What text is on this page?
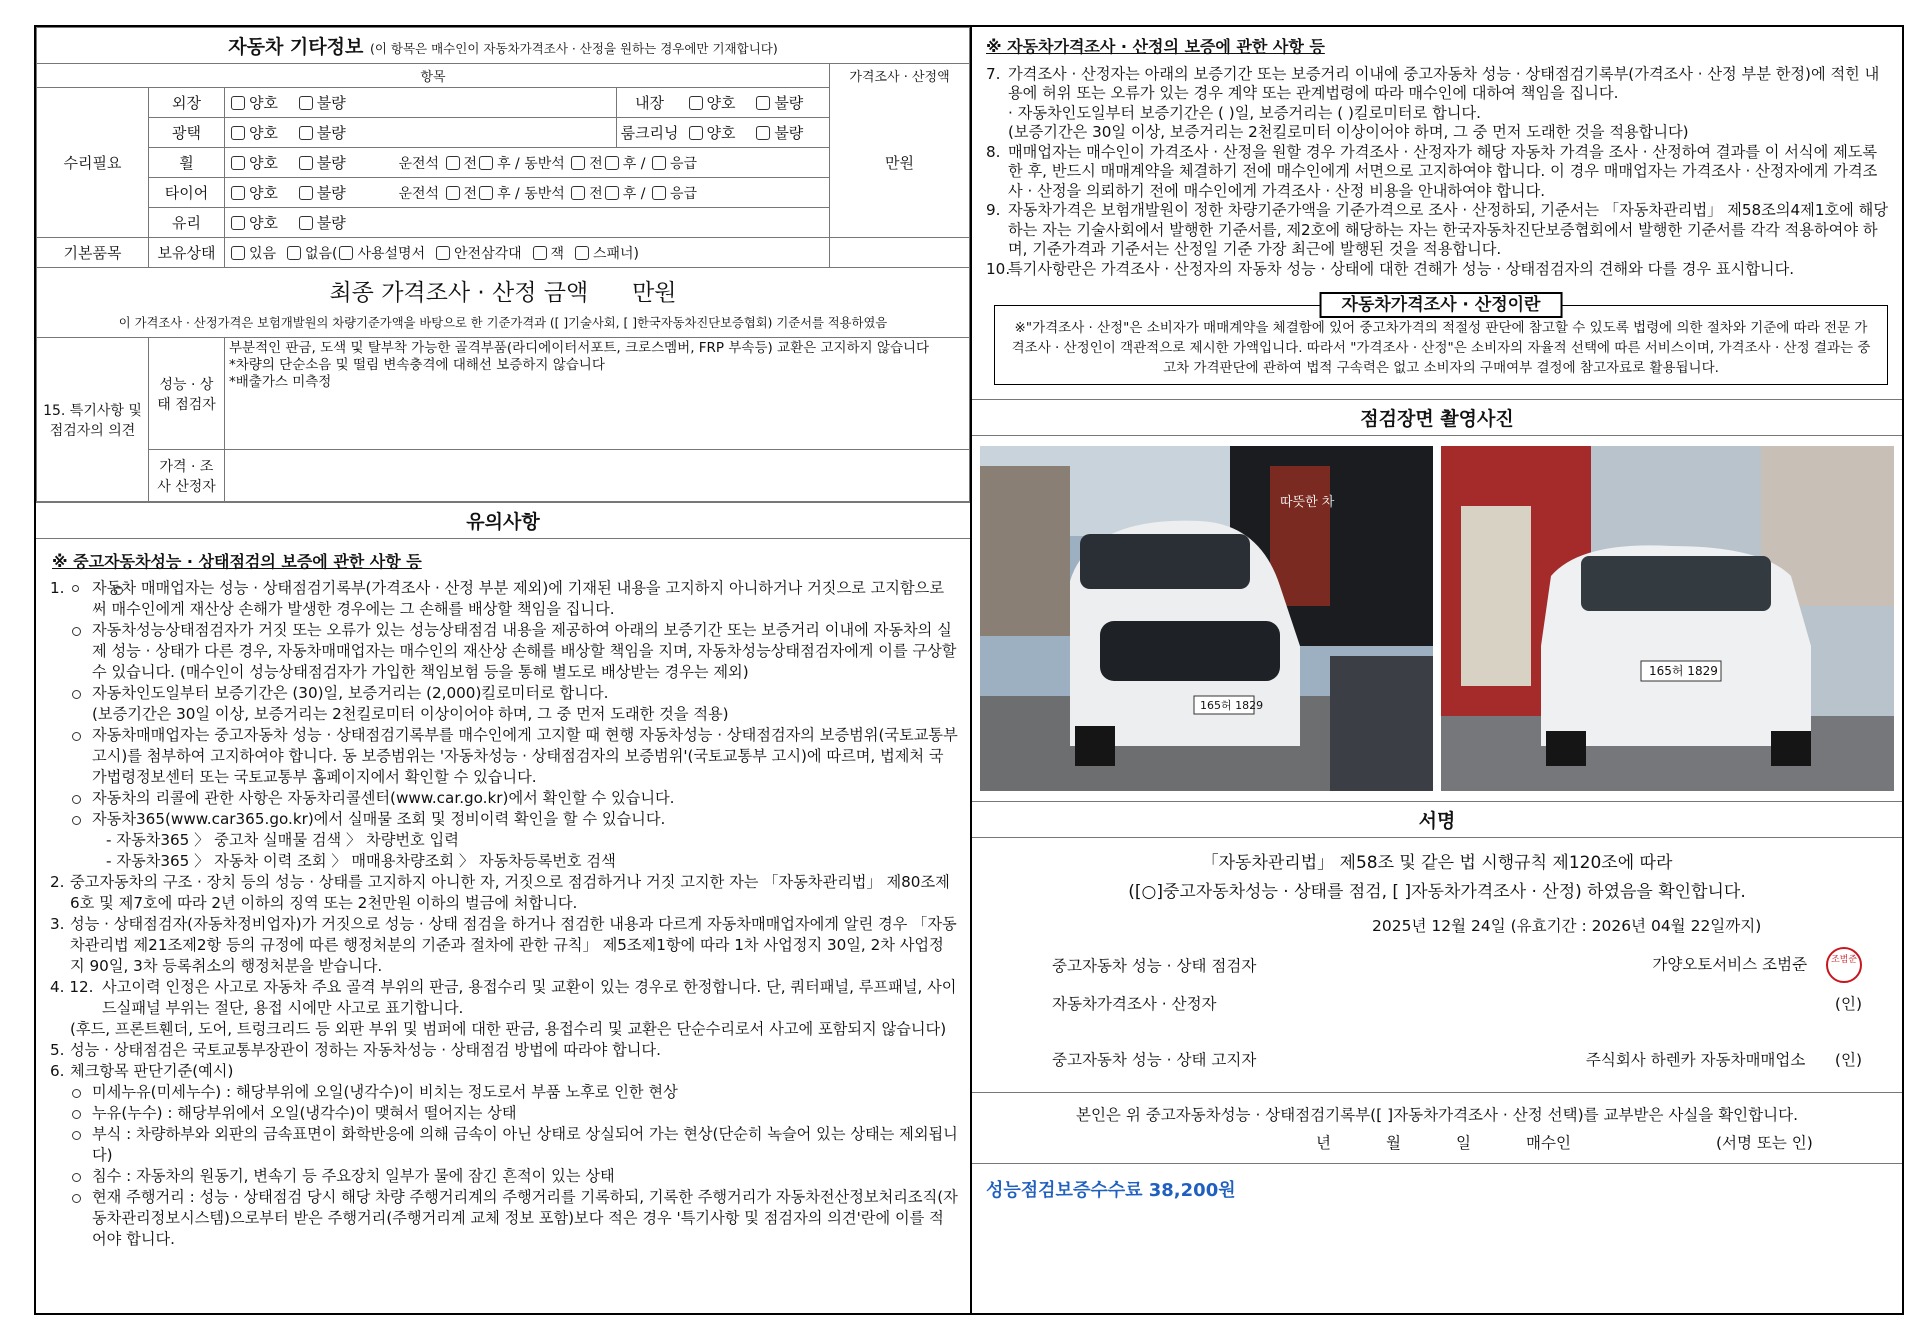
자동차 기타정보 (이 항목은 매수인이 자동차가격조사 · 산정을 원하는 경우에만 기재합니다)						
항목						가격조사 · 산정액
수리필요	외장	양호 불량		내장	양호 불량	만원
	광택	양호 불량		룸크리닝	양호 불량	
	휠	양호 불량	운전석 전 후 / 동반석 전 후 / 응급			
	타이어	양호 불량	운전석 전 후 / 동반석 전 후 / 응급			
	유리	양호 불량				
기본품목	보유상태	있음 없음( 사용설명서 안전삼각대 잭 스패너)				

최종 가격조사 · 산정 금액 만원
이 가격조사 · 산정가격은 보험개발원의 차량기준가액을 바탕으로 한 기준가격과 ([ ]기술사회, [ ]한국자동차진단보증협회) 기준서를 적용하였음						

15. 특기사항 및 점검자의 의견	성능 · 상태 점검자	부분적인 판금, 도색 및 탈부착 가능한 골격부품(라디에이터서포트, 크로스멤버, FRP 부속등) 교환은 고지하지 않습니다
*차량의 단순소음 및 떨림 변속충격에 대해선 보증하지 않습니다
*배출가스 미측정				

	가격 · 조사 산정자					
유의사항
※ 중고자동차성능 · 상태점검의 보증에 관한 사항 등
1. 자동차 매매업자는 성능 · 상태점검기록부(가격조사 · 산정 부분 제외)에 기재된 내용을 고지하지 아니하거나 거짓으로 고지함으로써 매수인에게 재산상 손해가 발생한 경우에는 그 손해를 배상할 책임을 집니다.
자동차성능상태점검자가 거짓 또는 오류가 있는 성능상태점검 내용을 제공하여 아래의 보증기간 또는 보증거리 이내에 자동차의 실제 성능 · 상태가 다른 경우, 자동차매매업자는 매수인의 재산상 손해를 배상할 책임을 지며, 자동차성능상태점검자에게 이를 구상할 수 있습니다. (매수인이 성능상태점검자가 가입한 책임보험 등을 통해 별도로 배상받는 경우는 제외)
자동차인도일부터 보증기간은 (30)일, 보증거리는 (2,000)킬로미터로 합니다.
(보증기간은 30일 이상, 보증거리는 2천킬로미터 이상이어야 하며, 그 중 먼저 도래한 것을 적용)
자동차매매업자는 중고자동차 성능 · 상태점검기록부를 매수인에게 고지할 때 현행 자동차성능 · 상태점검자의 보증범위(국토교통부 고시)를 첨부하여 고지하여야 합니다. 동 보증범위는 '자동차성능 · 상태점검자의 보증범위'(국토교통부 고시)에 따르며, 법제처 국가법령정보센터 또는 국토교통부 홈페이지에서 확인할 수 있습니다.
자동차의 리콜에 관한 사항은 자동차리콜센터(www.car.go.kr)에서 확인할 수 있습니다.
자동차365(www.car365.go.kr)에서 실매물 조회 및 정비이력 확인을 할 수 있습니다.
- 자동차365 〉 중고차 실매물 검색 〉 차량번호 입력
- 자동차365 〉 자동차 이력 조회 〉 매매용차량조회 〉 자동차등록번호 검색
2. 중고자동차의 구조 · 장치 등의 성능 · 상태를 고지하지 아니한 자, 거짓으로 점검하거나 거짓 고지한 자는 「자동차관리법」 제80조제6호 및 제7호에 따라 2년 이하의 징역 또는 2천만원 이하의 벌금에 처합니다.
3. 성능 · 상태점검자(자동차정비업자)가 거짓으로 성능 · 상태 점검을 하거나 점검한 내용과 다르게 자동차매매업자에게 알린 경우 「자동차관리법 제21조제2항 등의 규정에 따른 행정처분의 기준과 절차에 관한 규칙」 제5조제1항에 따라 1차 사업정지 30일, 2차 사업정지 90일, 3차 등록취소의 행정처분을 받습니다.
4. 12. 사고이력 인정은 사고로 자동차 주요 골격 부위의 판금, 용접수리 및 교환이 있는 경우로 한정합니다. 단, 쿼터패널, 루프패널, 사이드실패널 부위는 절단, 용접 시에만 사고로 표기합니다.
(후드, 프론트휀더, 도어, 트렁크리드 등 외판 부위 및 범퍼에 대한 판금, 용접수리 및 교환은 단순수리로서 사고에 포함되지 않습니다)
5. 성능 · 상태점검은 국토교통부장관이 정하는 자동차성능 · 상태점검 방법에 따라야 합니다.
6. 체크항목 판단기준(예시)
미세누유(미세누수) : 해당부위에 오일(냉각수)이 비치는 정도로서 부품 노후로 인한 현상
누유(누수) : 해당부위에서 오일(냉각수)이 맺혀서 떨어지는 상태
부식 : 차량하부와 외판의 금속표면이 화학반응에 의해 금속이 아닌 상태로 상실되어 가는 현상(단순히 녹슬어 있는 상태는 제외됩니다)
침수 : 자동차의 원동기, 변속기 등 주요장치 일부가 물에 잠긴 흔적이 있는 상태
현재 주행거리 : 성능 · 상태점검 당시 해당 차량 주행거리계의 주행거리를 기록하되, 기록한 주행거리가 자동차전산정보처리조직(자동차관리정보시스템)으로부터 받은 주행거리(주행거리계 교체 정보 포함)보다 적은 경우 '특기사항 및 점검자의 의견'란에 이를 적어야 합니다.
※ 자동차가격조사 · 산정의 보증에 관한 사항 등
7. 가격조사 · 산정자는 아래의 보증기간 또는 보증거리 이내에 중고자동차 성능 · 상태점검기록부(가격조사 · 산정 부분 한정)에 적힌 내용에 허위 또는 오류가 있는 경우 계약 또는 관계법령에 따라 매수인에 대하여 책임을 집니다.
· 자동차인도일부터 보증기간은 ( )일, 보증거리는 ( )킬로미터로 합니다.
(보증기간은 30일 이상, 보증거리는 2천킬로미터 이상이어야 하며, 그 중 먼저 도래한 것을 적용합니다)
8. 매매업자는 매수인이 가격조사 · 산정을 원할 경우 가격조사 · 산정자가 해당 자동차 가격을 조사 · 산정하여 결과를 이 서식에 제도록 한 후, 반드시 매매계약을 체결하기 전에 매수인에게 서면으로 고지하여야 합니다. 이 경우 매매업자는 가격조사 · 산정자에게 가격조사 · 산정을 의뢰하기 전에 매수인에게 가격조사 · 산정 비용을 안내하여야 합니다.
9. 자동차가격은 보험개발원이 정한 차량기준가액을 기준가격으로 조사 · 산정하되, 기준서는 「자동차관리법」 제58조의4제1호에 해당하는 자는 기술사회에서 발행한 기준서를, 제2호에 해당하는 자는 한국자동차진단보증협회에서 발행한 기준서를 각각 적용하여야 하며, 기준가격과 기준서는 산정일 기준 가장 최근에 발행된 것을 적용합니다.
10.
특기사항란은 가격조사 · 산정자의 자동차 성능 · 상태에 대한 견해가 성능 · 상태점검자의 견해와 다를 경우 표시합니다.
자동차가격조사 · 산정이란
※"가격조사 · 산정"은 소비자가 매매계약을 체결함에 있어 중고차가격의 적절성 판단에 참고할 수 있도록 법령에 의한 절차와 기준에 따라 전문 가격조사 · 산정인이 객관적으로 제시한 가액입니다. 따라서 "가격조사 · 산정"은 소비자의 자율적 선택에 따른 서비스이며, 가격조사 · 산정 결과는 중고차 가격판단에 관하여 법적 구속력은 없고 소비자의 구매여부 결정에 참고자료로 활용됩니다.
점검장면 촬영사진
따뜻한 차
165허 1829
165허 1829
서명
「자동차관리법」 제58조 및 같은 법 시행규칙 제120조에 따라
([○]중고자동차성능 · 상태를 점검, [ ]자동차가격조사 · 산정) 하였음을 확인합니다.
2025년 12월 24일 (유효기간 : 2026년 04월 22일까지)
중고자동차 성능 · 상태 점검자	가양오토서비스 조범준	조범준
자동차가격조사 · 산정자	(인)
중고자동차 성능 · 상태 고지자	주식회사 하렌카 자동차매매업소 (인)
본인은 위 중고자동차성능 · 상태점검기록부([ ]자동차가격조사 · 산정 선택)를 교부받은 사실을 확인합니다.
년	월	일	매수인	(서명 또는 인)
성능점검보증수수료 38,200원
